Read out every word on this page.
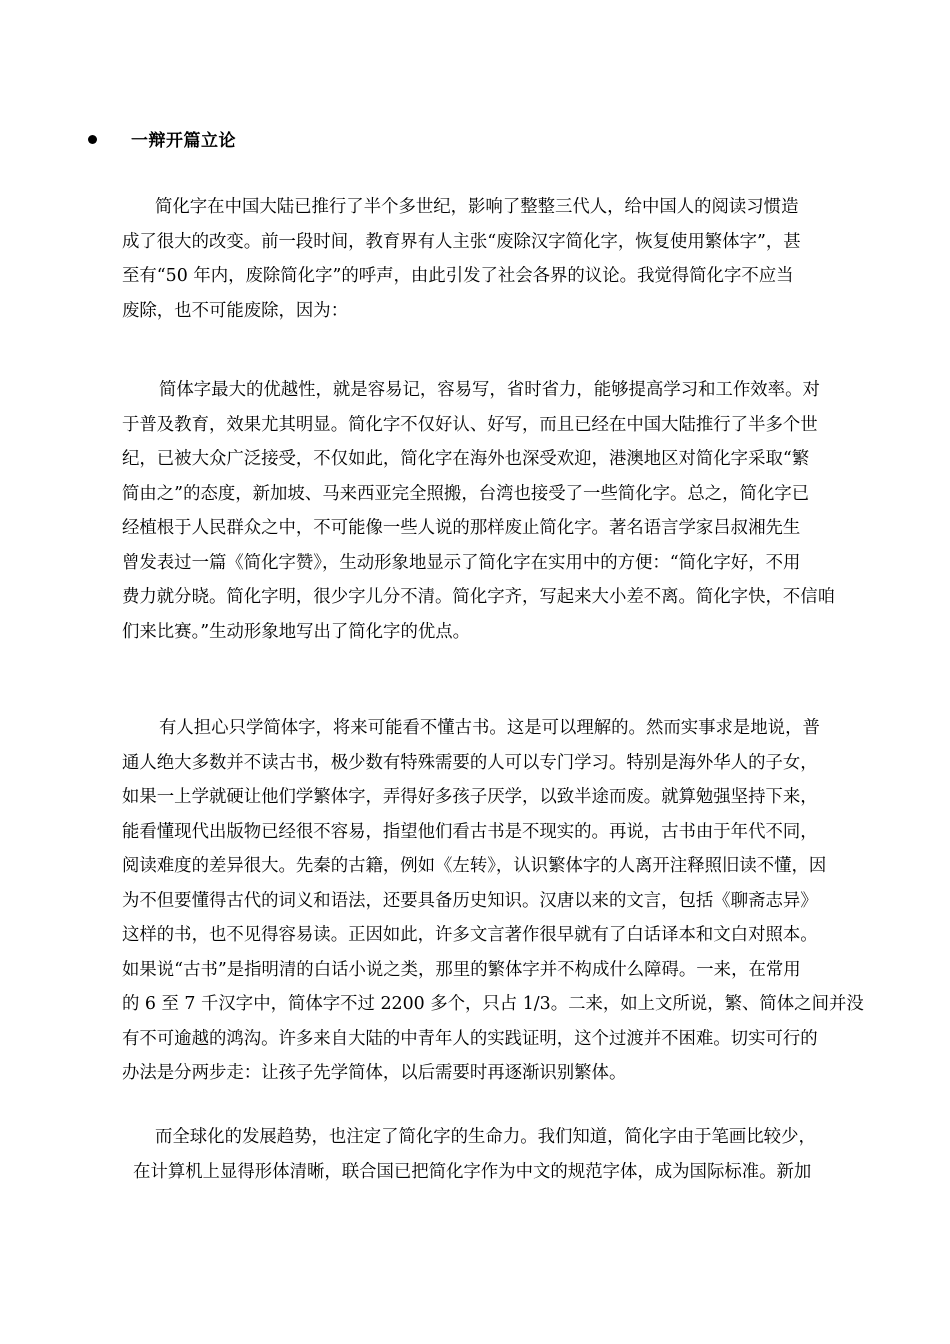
一辩开篇立论
简化字在中国大陆已推行了半个多世纪，影响了整整三代人，给中国人的阅读习惯造
成了很大的改变。前一段时间，教育界有人主张“废除汉字简化字，恢复使用繁体字”，甚
至有“50 年内，废除简化字”的呼声，由此引发了社会各界的议论。我觉得简化字不应当
废除，也不可能废除，因为：
简体字最大的优越性，就是容易记，容易写，省时省力，能够提高学习和工作效率。对
于普及教育，效果尤其明显。简化字不仅好认、好写，而且已经在中国大陆推行了半多个世
纪，已被大众广泛接受，不仅如此，简化字在海外也深受欢迎，港澳地区对简化字采取“繁
简由之”的态度，新加坡、马来西亚完全照搬，台湾也接受了一些简化字。总之，简化字已
经植根于人民群众之中，不可能像一些人说的那样废止简化字。著名语言学家吕叔湘先生
曾发表过一篇《简化字赞》，生动形象地显示了简化字在实用中的方便：“简化字好，不用
费力就分晓。简化字明，很少字儿分不清。简化字齐，写起来大小差不离。简化字快，不信咱
们来比赛。”生动形象地写出了简化字的优点。
有人担心只学简体字，将来可能看不懂古书。这是可以理解的。然而实事求是地说，普
通人绝大多数并不读古书，极少数有特殊需要的人可以专门学习。特别是海外华人的子女，
如果一上学就硬让他们学繁体字，弄得好多孩子厌学，以致半途而废。就算勉强坚持下来，
能看懂现代出版物已经很不容易，指望他们看古书是不现实的。再说，古书由于年代不同，
阅读难度的差异很大。先秦的古籍，例如《左转》，认识繁体字的人离开注释照旧读不懂，因
为不但要懂得古代的词义和语法，还要具备历史知识。汉唐以来的文言，包括《聊斋志异》
这样的书，也不见得容易读。正因如此，许多文言著作很早就有了白话译本和文白对照本。
如果说“古书”是指明清的白话小说之类，那里的繁体字并不构成什么障碍。一来，在常用
的 6 至 7 千汉字中，简体字不过 2200 多个，只占 1/3。二来，如上文所说，繁、简体之间并没
有不可逾越的鸿沟。许多来自大陆的中青年人的实践证明，这个过渡并不困难。切实可行的
办法是分两步走：让孩子先学简体，以后需要时再逐渐识别繁体。
而全球化的发展趋势，也注定了简化字的生命力。我们知道，简化字由于笔画比较少，
在计算机上显得形体清晰，联合国已把简化字作为中文的规范字体，成为国际标准。新加
